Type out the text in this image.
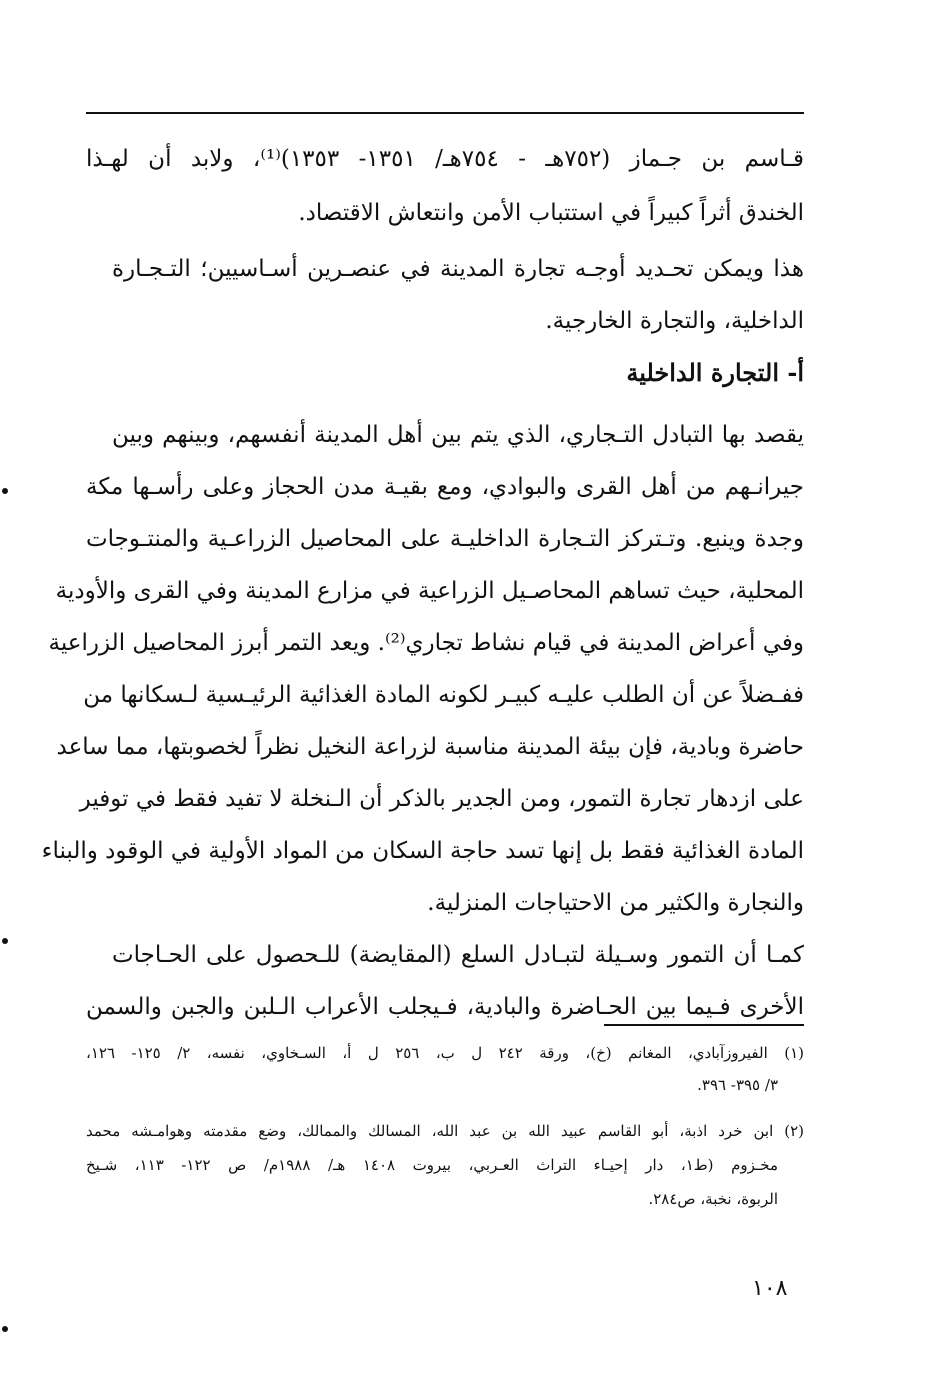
قـاسم بن جـماز (٧٥٢هـ - ٧٥٤هـ/ ١٣٥١- ١٣٥٣)⁽¹⁾، ولابد أن لهـذا
الخندق أثراً كبيراً في استتباب الأمن وانتعاش الاقتصاد.
هذا ويمكن تحـديد أوجـه تجارة المدينة في عنصـرين أسـاسيين؛ التـجـارة
الداخلية، والتجارة الخارجية.
أ- التجارة الداخلية
يقصد بها التبادل التـجاري، الذي يتم بين أهل المدينة أنفسهم، وبينهم وبين
جيرانـهم من أهل القرى والبوادي، ومع بقيـة مدن الحجاز وعلى رأسـها مكة
وجدة وينبع. وتـتركز التـجارة الداخليـة على المحاصيل الزراعـية والمنتـوجات
المحلية، حيث تساهم المحاصـيل الزراعية في مزارع المدينة وفي القرى والأودية
وفي أعراض المدينة في قيام نشاط تجاري⁽²⁾. ويعد التمر أبرز المحاصيل الزراعية
ففـضلاً عن أن الطلب عليـه كبيـر لكونه المادة الغذائية الرئيـسية لـسكانها من
حاضرة وبادية، فإن بيئة المدينة مناسبة لزراعة النخيل نظراً لخصوبتها، مما ساعد
على ازدهار تجارة التمور، ومن الجدير بالذكر أن الـنخلة لا تفيد فقط في توفير
المادة الغذائية فقط بل إنها تسد حاجة السكان من المواد الأولية في الوقود والبناء
والنجارة والكثير من الاحتياجات المنزلية.
كمـا أن التمور وسـيلة لتبـادل السلع (المقايضة) للـحصول على الحـاجات
الأخرى فـيما بين الحـاضرة والبادية، فـيجلب الأعراب الـلبن والجبن والسمن
(١) الفيروزآبادي، المغانم (خ)، ورقة ٢٤٢ ل ب، ٢٥٦ ل أ، السـخاوي، نفسه، ٢/ ١٢٥- ١٢٦،
٣/ ٣٩٥- ٣٩٦.
(٢) ابن خرد اذبة، أبو القاسم عبيد الله بن عبد الله، المسالك والممالك، وضع مقدمته وهوامـشه محمد
مخـزوم (ط١، دار إحيـاء التراث العـربي، بيروت ١٤٠٨ هـ/ ١٩٨٨م/ ص ١٢٢- ١١٣، شـيخ
الربوة، نخبة، ص٢٨٤.
١٠٨
